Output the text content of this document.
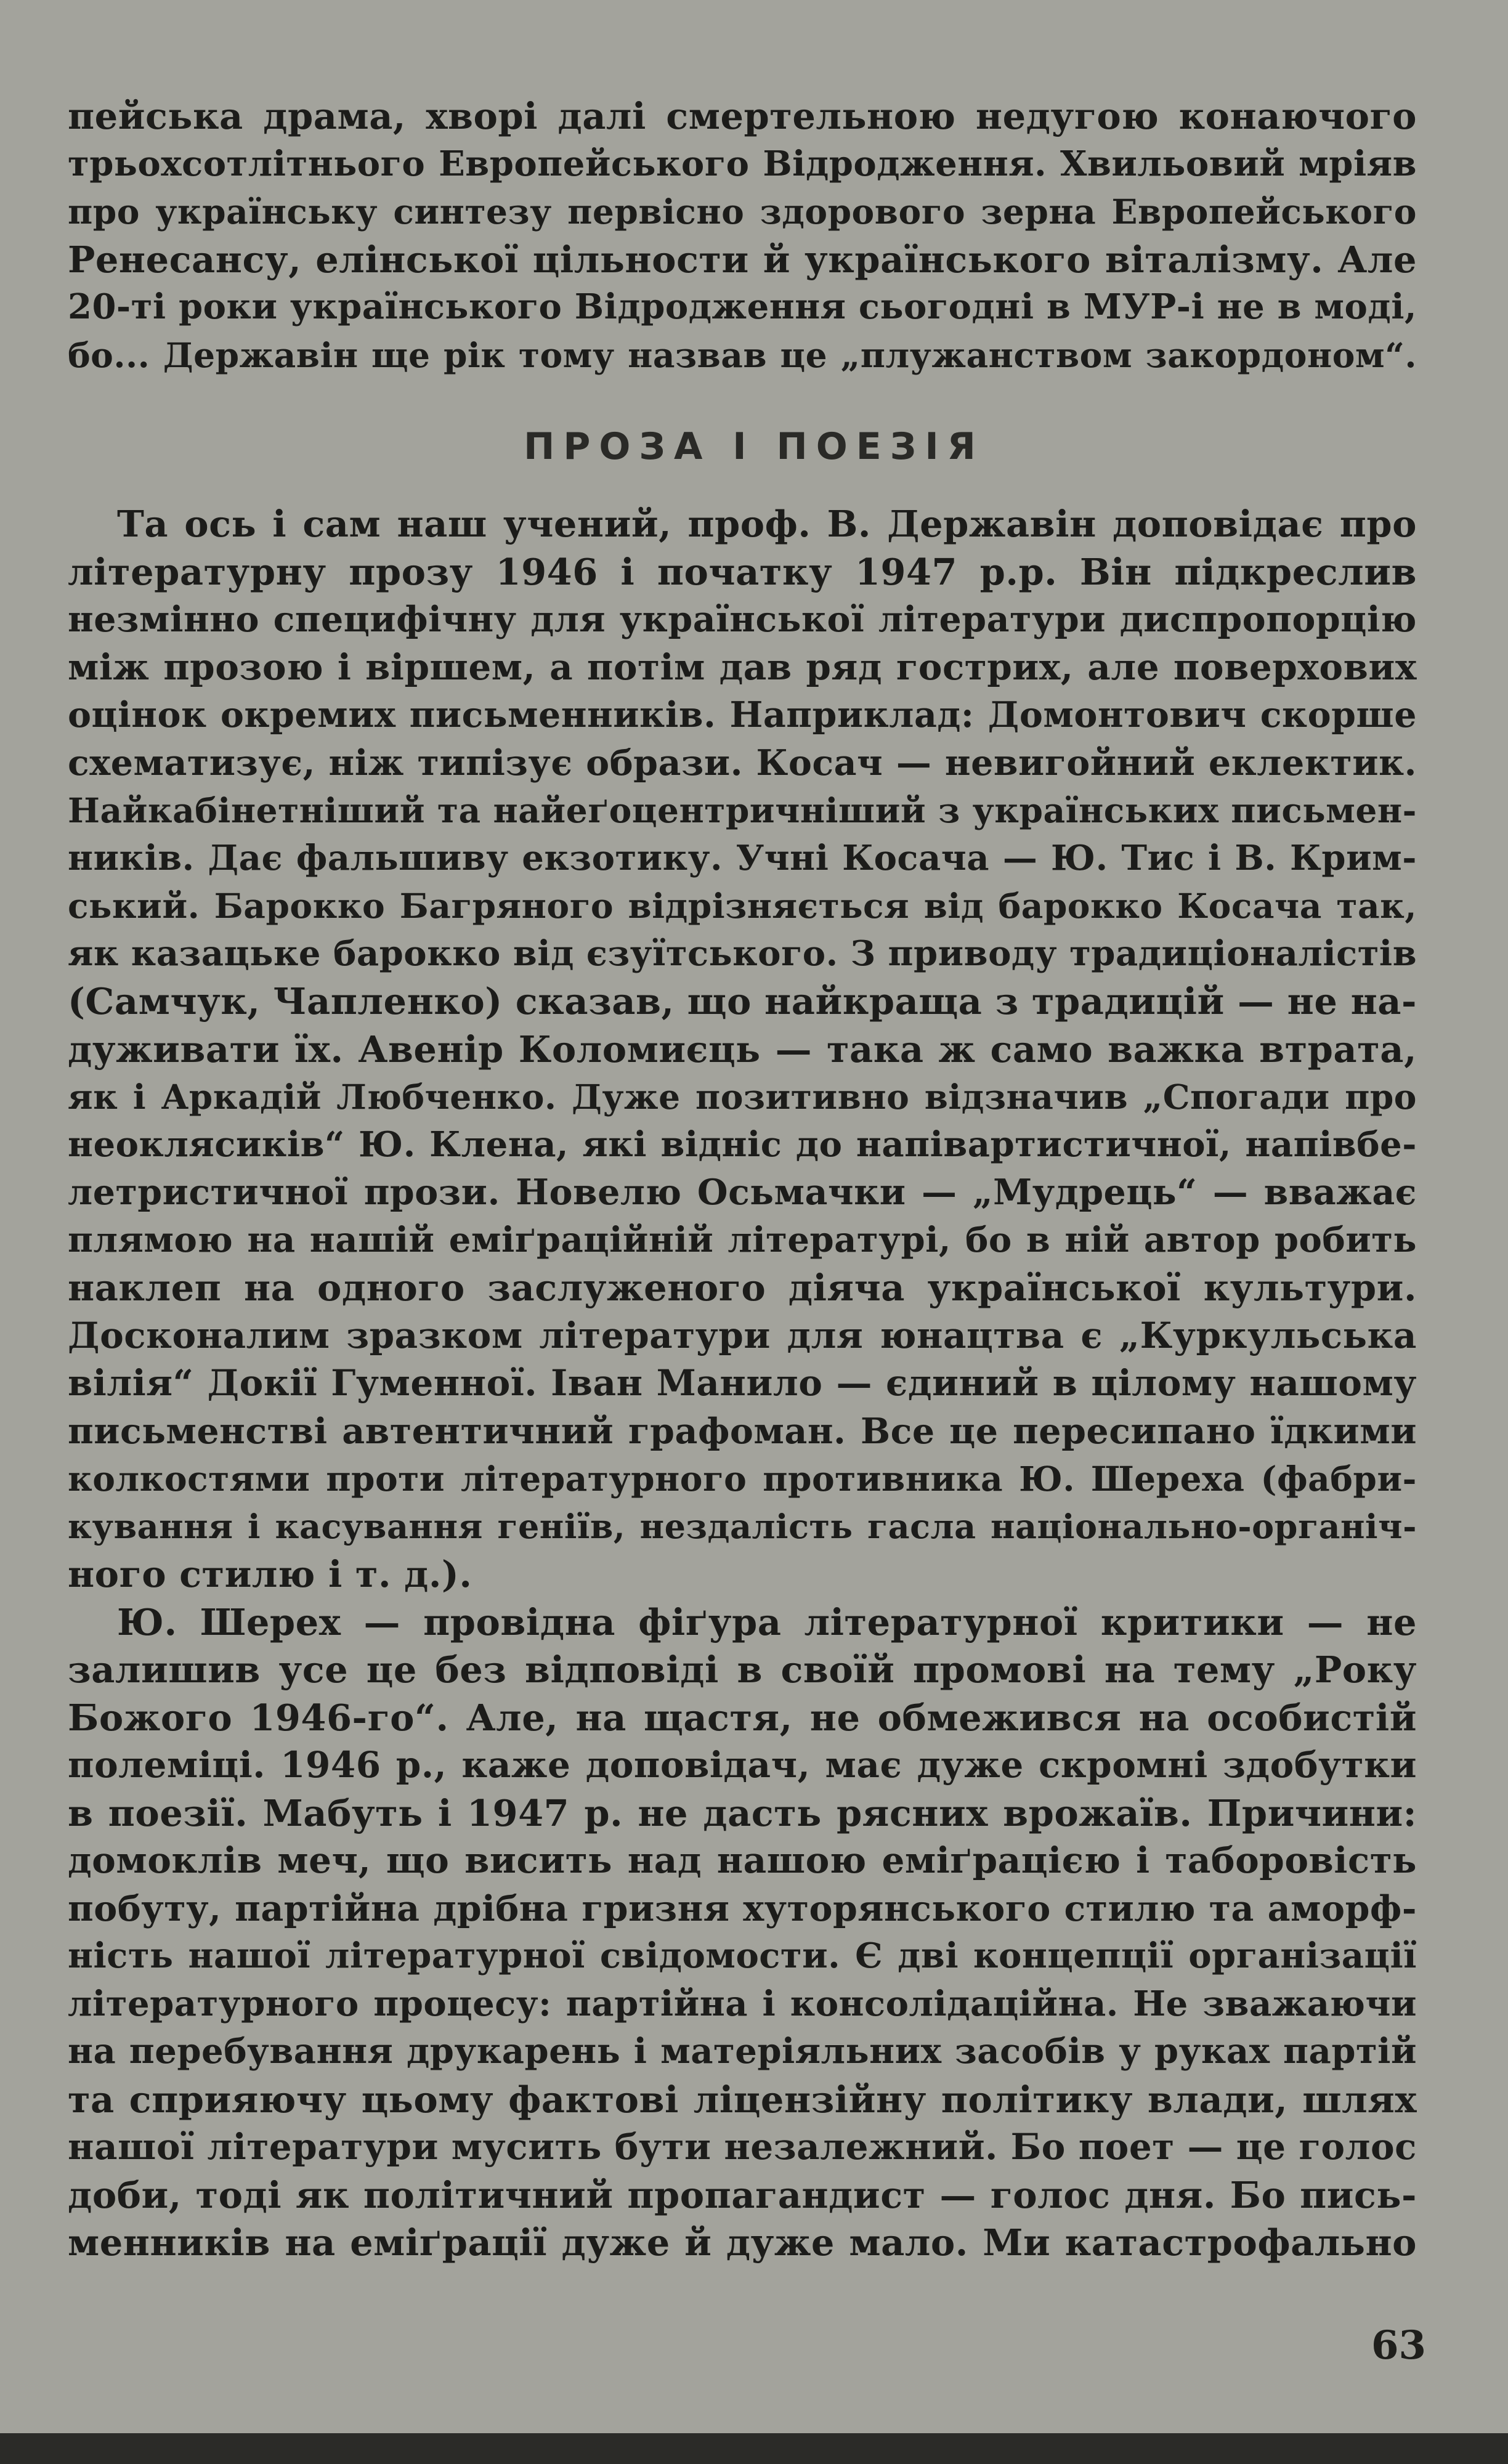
пейська драма, хворі далі смертельною недугою конаючого
трьохсотлітнього Европейського Відродження. Хвильовий мріяв
про українську синтезу первісно здорового зерна Европейського
Ренесансу, елінської цільности й українського віталізму. Але
20-ті роки українського Відродження сьогодні в МУР-і не в моді,
бо... Державін ще рік тому назвав це „плужанством закордоном“.
ПРОЗА І ПОЕЗІЯ
Та ось і сам наш учений, проф. В. Державін доповідає про
літературну прозу 1946 і початку 1947 р.р. Він підкреслив
незмінно специфічну для української літератури диспропорцію
між прозою і віршем, а потім дав ряд гострих, але поверхових
оцінок окремих письменників. Наприклад: Домонтович скорше
схематизує, ніж типізує образи. Косач — невигойний еклектик.
Найкабінетніший та найеґоцентричніший з українських письмен-
ників. Дає фальшиву екзотику. Учні Косача — Ю. Тис і В. Крим-
ський. Барокко Багряного відрізняється від барокко Косача так,
як казацьке барокко від єзуїтського. З приводу традиціоналістів
(Самчук, Чапленко) сказав, що найкраща з традицій — не на-
дуживати їх. Авенір Коломиєць — така ж само важка втрата,
як і Аркадій Любченко. Дуже позитивно відзначив „Спогади про
неоклясиків“ Ю. Клена, які відніс до напівартистичної, напівбе-
летристичної прози. Новелю Осьмачки — „Мудрець“ — вважає
плямою на нашій еміґраційній літературі, бо в ній автор робить
наклеп на одного заслуженого діяча української культури.
Досконалим зразком літератури для юнацтва є „Куркульська
вілія“ Докії Гуменної. Іван Манило — єдиний в цілому нашому
письменстві автентичний графоман. Все це пересипано їдкими
колкостями проти літературного противника Ю. Шереха (фабри-
кування і касування геніїв, нездалість гасла національно-органіч-
ного стилю і т. д.).
Ю. Шерех — провідна фіґура літературної критики — не
залишив усе це без відповіді в своїй промові на тему „Року
Божого 1946-го“. Але, на щастя, не обмежився на особистій
полеміці. 1946 р., каже доповідач, має дуже скромні здобутки
в поезії. Мабуть і 1947 р. не дасть рясних врожаїв. Причини:
домоклів меч, що висить над нашою еміґрацією і таборовість
побуту, партійна дрібна гризня хуторянського стилю та аморф-
ність нашої літературної свідомости. Є дві концепції організації
літературного процесу: партійна і консолідаційна. Не зважаючи
на перебування друкарень і матеріяльних засобів у руках партій
та сприяючу цьому фактові ліцензійну політику влади, шлях
нашої літератури мусить бути незалежний. Бо поет — це голос
доби, тоді як політичний пропагандист — голос дня. Бо пись-
менників на еміґрації дуже й дуже мало. Ми катастрофально
63
